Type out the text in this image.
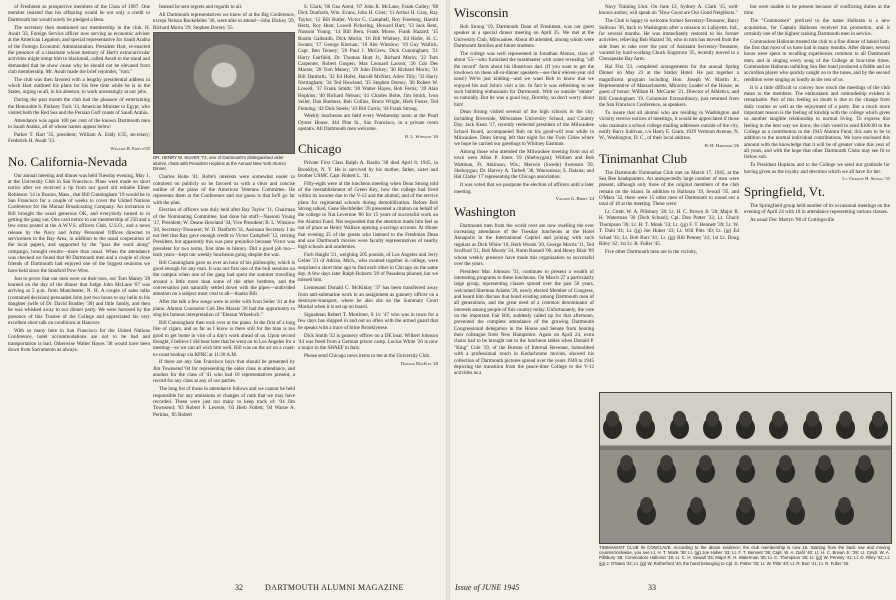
of Freshmen as prospective members of the Class of 1987. One member insisted that his offspring would be not only a credit to Dartmouth but would surely be pledged a Beta.

The secretary then mentioned our membership in the club. H. Awalt '33, Foreign Service officer now serving as economic adviser at the American Legation, and special representative for Saudi Arabia of the Foreign Economic Administration. President Hart, re-enacted the presence of a classmate whose memory of Hart's extracurricular activities might tempt him to blackmail, called Awalt to the stand and demanded that he show cause why he should not be elevated from club membership. Mr. Awalt made the brief rejoinder, "rum."

The club was then favored with a lengthy presidential address in which Hart outlined his plans for his free time while he is in the States, urging us all, in his absence, to work unceasingly at our jobs.

During the past month the club had the pleasure of entertaining the Honorable S. Pinkney Tuck '13, American Minister to Egypt, who visited both the Red Sea and the Persian Gulf coasts of Saudi Arabia.

Attendance was again 100 per cent of the known Dartmouth men in Saudi Arabia, all of whose names appear below:

Parker T. Hart '35, president; William A. Eddy h'35, secretary; Frederick H. Awalt '33.

William H. Eddy h'35

No. California-Nevada

Our annual meeting and dinner was held Tuesday evening, May 1, at the University Club in San Francisco. Plans were made on short notice after we received a tip from our good old reliable Elmer Robinson '14 in Boston, Mass., that Bill Cunningham '19 would be in San Francisco for a couple of weeks to cover the United Nations Conference for the Mutual Broadcasting Company. An invitation to Bill brought the usual generous OK, and everybody turned to in getting the gang out. One card notice to our membership of 250 and a few extra posted at the A.W.V.S. officers Club, U.S.O., and a news release by the Navy and Army Personnel Offices directed to servicemen in the Bay Area, in addition to the usual cooperation of the local papers, and supported by the "pass the word along" campaign, brought results—more than usual. When the attendance was checked we found that 90 Dartmouth men and a couple of close friends of Dartmouth had enjoyed one of the biggest reunions we have held since the Stanford Pow-Wow.

Just to prove that our men were on their toes, our Tom Maney '28 learned on the day of the dinner that Judge John McLane '07 was arriving at 5 p.m. from Manchester, N. H. A couple of sales talks (contained decision) persuaded John just two hours to say hello to his daughter (wife of Dr. David Bradley '38) and little family, and then he was whisked away to our dinner party. We were honored by the presence of this Trustee of the College and appreciated his very excellent short talk on conditions at Hanover.

With so many here in San Francisco for the United Nations Conference, hotel accommodations are not to be had and transportation is bad. Otherwise Walter Hayes '38 would have been down from Sacramento as always.

Instead he sent regrets and regards to all.

All Dartmouth representatives we knew of at the Big Conference, except Nelson Rockefeller '30, were able to attend—John Dickey '29, Richard Morin '29, Stephen Dorsey '35.

DR. HENRY M. SILVER '72, one of Dartmouth's distinguished older alumni, chats with President Hopkins at the Annual New York Alumni Dinner.

Charles Bolte '41. Bolte's interests were somewhat easier to comment on publicly so he favored us with a clear and concise outline of the plans of the American Veterans Committee. He represents them at the Conference and our guess is that he'll go far with the plan.

Election of officers was duly held after Ray Taylor '11, Chairman of the Nominating Committee, had done his stuff—Nassoni Young '17, President; W. Deane Howland '34, Vice President; B. L. Winslow '20, Secretary-Treasurer; W. D. Danforth '31, Assistant Secretary. I do not feel that Ray gave enough credit to Victor Campbell '12, retiring President, but apparently this was pure prejudice because Victor was president for two terms, first time in history. Did a good job too—both years—kept our weekly luncheons going despite the war.

Bill Cunningham gave us over an hour of his philosophy, which is good enough for any man. It was our first one of the bull sessions on the campus when one of the gang had spent the summer travelling around a little more than some of the other brethren, and the conversation just naturally settled down with the pipes—undivided attention on a subject most vital to all—thanks Bill.

After the talk a few songs were in order with Ivon Seiler '41 at the piano. Alumni Counselor Cob Des Marais '26 had the opportunity to sing his famous interpretation of "Eleazar Wheelock."

Bill Cunningham then took over at the piano. In the first of a long line of cigars, and as far as I know is there still for the man is too good to get home in vice of a day's work ahead of us. Upon second thought, I believe I did hear later that he went on to Los Angeles for a meeting—so we can all wish him well. Bill was on the air on a coast-to-coast hookup via KFRC at 11:30 A.M.

If there are any San Francisco boys that should be presented by Jim Townsend '04 for representing the older class in attendance, and another for the class of '41 who had 10 representatives present, a record for any class at any of our parties.

The long list of those in attendance follows and we cannot be held responsible for any omissions or changes of rank that we may have recorded. These were just too many to keep track of: '04 Jim Townsend; '03 Robert F. Leverre, '03 Herb Follett; '04 Warne A. Perkins, '05 Robert

S. Clark; '06 Gus Arent, '07 John R. McLane, Frank Galley; '08 Dick Dunforth, Wm. Evans, John H. Grier; '11 Arthur H. Gray, Ray Taylor; '12 Bill Butler, Victor G. Campbell, Roy Freeburg, Harold Hertz, Roy Hunt, Lowell Pickering, Howard Hurt; '13 Jack Bent, Nassoni Young; '14 Bill Bent, Frank Morse, Frank Hazard; '15 Rustin Galbraith, Dick Morin; '16 Bill Whitney, Ed Hofer, H. C. Swann; '17 George Kiernan; '18 Abe Winslow; '19 Guy Wallick, Capt. Ben Tenney; '20 Paul J. McGrew, Dick Cunningham, '21 Harry Fairfield, Dr. Thomas Hunt Jr., Richard Morin; '22 Tom Carpenter, Robert Gospen, Mac Leonard Larson; '26 Cob Des Marais; '28 Tom Maney; '29 John Dickey; '30 Richard Morin; '31 Bill Danforth, '32 Ed Hofer, Harold McNutt, Allen Tilly; '33 Harry Nottingham; '34 Ted Howland, '35 Stephen Dorsey, '36 Robert W. Lowell, '37 Frank Smith; '38 Walter Hayes, Bob Ferris; '39 Alan Hopkins; '40 Richard Nelson; '41 Charles Bolte, Jim Smith, Ivon Seiler, Dan Buehner, Bob Collins, Bruce Wright, Herb Foster, Ted Fleming; '42 Dick Steele; '43 Bill Curtis; '44 Frank Strong.

Weekly luncheons are held every Wednesday noon at the Pearl Oyster House, 444 Pine St., San Francisco, in a private room upstairs. All Dartmouth men welcome.

B. L. Winslow '20

Chicago

Private First Class Ralph A. Raslin '38 died April 8, 1945, in Brooklyn, N. Y. He is survived by his mother, father, sister and brother USMC Capt. Robert L. '41.

Fifty-eight were at the luncheon meeting when Dean Strong told of the reestablishment of Green Key, how the college had lived within its income due to the V-12 and the alumni; and of the service plans for regimental schools during demobilization. Before Bob Strong talked, Gene Hochfelder '20 presented a citation on behalf of the college to Nat Leverone '06 for 15 years of successful work on the Alumni Fund. Nat responded that the attention made him feel as out of place as Henry Wallace opening a savings account. At dinner that evening 25 of the guests who listened to the Freshman Dean and saw Dartmouth movies were faculty representatives of nearby high schools and academies.

Furb Haight '21, weighing 205 pounds, of Los Angeles and Jerry Geller '21 of Adrian, Mich., who roomed together in college, were surprised a short time ago to find each other in Chicago on the same day. A few days later Ralph Roberts '20 of Pasadena phoned, but we missed him.

Lieutenant Donald C. McKinlay '37 has been transferred away from anti-submarine work to an assignment as gunnery officer on a destroyer-transport, where he also sits on the Summary Court Martial when it is set up on board.

Signalman Robert T. Mortimer, S 1/c '47 who was in town for a few days has shipped in and out so often with the armed guard that he speaks with a trace of brine Brooklynese.

Dick Smith '32 is gunnery officer on a DE boat. Wilbert Johnson '44 was freed from a German prison camp. Lucius White '20 is now a major in the SHAEF in Italy.

Please send Chicago news items to me at the University Club.

Donald MacKay '20

32	DARTMOUTH ALUMNI MAGAZINE
Wisconsin

Bob Strong '19, Dartmouth Dean of Freshmen, was our guest speaker at a special dinner meeting on April 25. We met at the University Club, Milwaukee. About 40 attended, among whom were Dartmouth families and future students.

The college was well represented in Jonathan Alonzo, class of about '55—who furnished the toastmaster with some revealing "off the record" facts about his illustrious dad. (If you want to get the lowdown on these all-or-dinner speakers—see their eleven-year old sons!) We're just kidding—and we want Bob to know that we enjoyed his and John's visit a lot. In fact it was refreshing to see such bubbling enthusiasm for Dartmouth. With no outside "emote" so naturally. But he was a good boy, Dorothy, so don't worry about him!

Dean Strong visited several of the high schools in the city, including Riverside, Milwaukee University School, and Country Day. Jack Kean '17, recently reelected president of the Milwaukee School Board, accompanied Bob on his good-will tour while in Milwaukee. Dean Strong left that night for the Twin Cities where we hope he carried our greetings to Whitney Eastman.

Among those who attended the Milwaukee meeting from out of town were Allan P. Jones '19 (Sheboygan); William and Bob Wattman, Ft. Atkinson, Wis.; Merwin (Swede) Swenson '29, Sheboygan; Dr. Harvey A. Tarbell '38, Wauwatosa; S. Dakota; and Hal Clarke '17 representing the Chicago association.

It was voted that we postpone the election of officers until a later meeting.

Vaughn G. Berry '24

Washington

Dartmouth men from the world over are now swelling the ever increasing attendance of the Tuesday luncheons at the Hotel Annapolis in the International Capitol and joining with such regulars as Dick White '18, Herb Woods '20, George Morris '11, Ted Scofford '21, Bob Moody '24, Norm Russell '06, and Henry Blair '89 whose weekly presence have made this organization so successful over the years.

President Mac Johnson '31, continues to present a wealth of interesting programs to these luncheons. On March 27 a particularly large group, representing classes spread over the past 50 years, welcomed Sherman Adams '20, newly elected Member of Congress, and heard him discuss that bond existing among Dartmouth men of all generations, and the great need of a common denominator of interests among people of this country today. Unfortunately, the vote on the important Fair Bill, suddenly called up for that afternoon, prevented the complete attendance of the growing Dartmouth Congressional delegation in the House and Senate from hearing their colleague from New Hampshire. Again on April 24, extra chairs had to be brought out to the luncheon tables when Donald P. "King" Cole '19, of the Bureau of Internal Revenue, hobnobbed with a professional touch in Kodachrome movies, showed his collection of Dartmouth pictures spread over the years 1940 to 1945 depicting the transition from the peace-time College to the V-12 activities as a

Navy Training Unit. On June 12, Sydney A. Clark '15, well-known author, will speak on "How Good are Our Good Neighbors."

The Club is happy to welcome former Secretary-Treasurer, Barry Sullivan '36, back to Washington after a mission to Lafayette, Ind., for several months. He was immediately restored to his former activities, relieving Bob Hazard '36, who in turn has moved from the side lines to take over the post of Assistant Secretary-Treasurer, vacated by hard-working Chuck Engstrom '25, recently moved to a Chesapeake Bay farm.

Hal Fitz '23, completed arrangements for the annual Spring Dinner on May 23 at the Statler Hotel. He put together a magnificent program including Hon. Joseph W. Martin Jr., Representative of Massachusetts, Minority Leader of the House, as guest of honor; William H. McCarter '21, Director of Athletics, and Bill Cunningham '19, Columnist Extraordinary, just returned from the San Francisco Conference, as speakers.

To insure that all alumni who are residing in Washington and vicinity receive notices of meetings, it would be appreciated if those who maintain a school college mailing addresses outside of the city, notify Barry Sullivan, c/o Harry E. Grant, 1929 Vermont Avenue, N. W., Washington, D. C., of their local address.

H. H. Harwood '26

Tinimanhat Club

The Dartmouth Tinimanhat Club met on March 17, 1945, at the Sea Bee headquarters. An unexpectedly large number of men were present, although only three of the original members of the club remain on the island. In addition to Halloran '19, Sewall '35, and O'Mara '32, there were 15 other men of Dartmouth to round out a total of 18 at the meeting. These were:

Lt. Cmdr. W. A. Pillsbury '28; Lt. H. C. Brown Jr. '28; Major R. H. Waterman '30 (Tech School); Cpl. Don Potter '33; Lt. Chuck Thompson '36; Lt. H. T. Monk '33; Lt. (jg) F. T. Bennett '39; Lt. W. T. Dahl '41; Lt. (jg) Joe Huber '43; Lt. Will Pitts '40; Lt. (jg) Ed Schad '41; Lt. Bob Burr '41; Lt. (jg) Bill Penney '41; 1st Lt. Doug Riley '42; 1st Lt. R. Fuller '45.

Five other Dartmouth men are in the vicinity,

but were unable to be present because of conflicting duties at the time.

The "Commodore" prefixed to the name Halloran is a new acquisition, for Captain Halloran received his promotion, and is certainly one of the highest ranking Dartmouth men in service.

Commodore Halloran treated the club to a fine dinner of baked ham, the first that most of us have had in many months. After dinner, several hours were spent in recalling experiences common to all Dartmouth men, and in singing every song of the College at four-time times. Commodore Halloran unfailing Sea Bee band produced a fiddle and an accordion player who quickly caught on to the tunes, and by the second rendition were singing as loudly as the rest of us.

It is a little difficult to convey how much the meetings of the club mean to the members. The enthusiasm and comradeship evident is remarkable. Part of this feeling no doubt is due to the change from daily routine as well as the enjoyment of a party. But a much more important reason is the feeling of kinship with the college which gives us another tangible relationship to normal living. To express this feeling in the best way we know, the club voted to send $100.00 to the College as a contribution to the 1945 Alumni Fund, this sum to be in addition to the normal individual contributions. We have enclosed this amount with the knowledge that it will be of greater value this year of all years, and with the hope that other Dartmouth Clubs may see fit to follow suit.

To President Hopkins and to the College we send our gratitude for having given us the loyalty and devotion which we all have for her.

Lt. Charles H. Sewall '35

Springfield, Vt.

The Springfield group held another of its occasional meetings on the evening of April 24 with 18 in attendance representing various classes.

As usual Doc Martyn '98 of Cuttingsville

TINIMANHAT CLUB IN CONCLAVE. According to the above evidence, the club membership is now 18. Starting from the back row and moving counterclockwise, you see Lt. H. T. Monk '38; Lt. (jg) Joe Huber '43; Lt. F. T. Bennett '39; Capt. W. A. Dahl '40; Lt. H. C. Brown Jr. '28; Lt. Cmdr. W. A. Pillsbury '28; Commodore Halloran '19; Lt. C. H. Sewall '35; Major R. H. Waterman '30; Lt. C. Thompson '36; Lt. (jg) W. Penney '41; Lt. D. Riley '42; Lt. (jg) J. O'Mara '32; Lt. (jg) W. Rutherford '40; the hand belonging to Cpl. D. Potter '33; Lt. W. Pitts '40; Lt. R. Burr '41; Lt. R. Fuller '45.
Issue of JUNE 1945	33
